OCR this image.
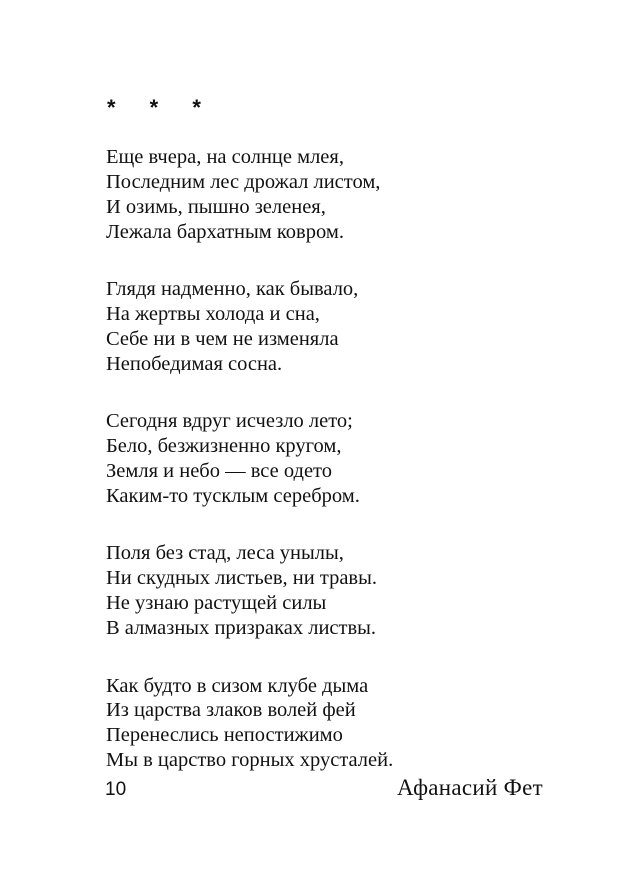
* * *
Еще вчера, на солнце млея,
Последним лес дрожал листом,
И озимь, пышно зеленея,
Лежала бархатным ковром.
Глядя надменно, как бывало,
На жертвы холода и сна,
Себе ни в чем не изменяла
Непобедимая сосна.
Сегодня вдруг исчезло лето;
Бело, безжизненно кругом,
Земля и небо — все одето
Каким-то тусклым серебром.
Поля без стад, леса унылы,
Ни скудных листьев, ни травы.
Не узнаю растущей силы
В алмазных призраках листвы.
Как будто в сизом клубе дыма
Из царства злаков волей фей
Перенеслись непостижимо
Мы в царство горных хрусталей.
10	Афанасий Фет
